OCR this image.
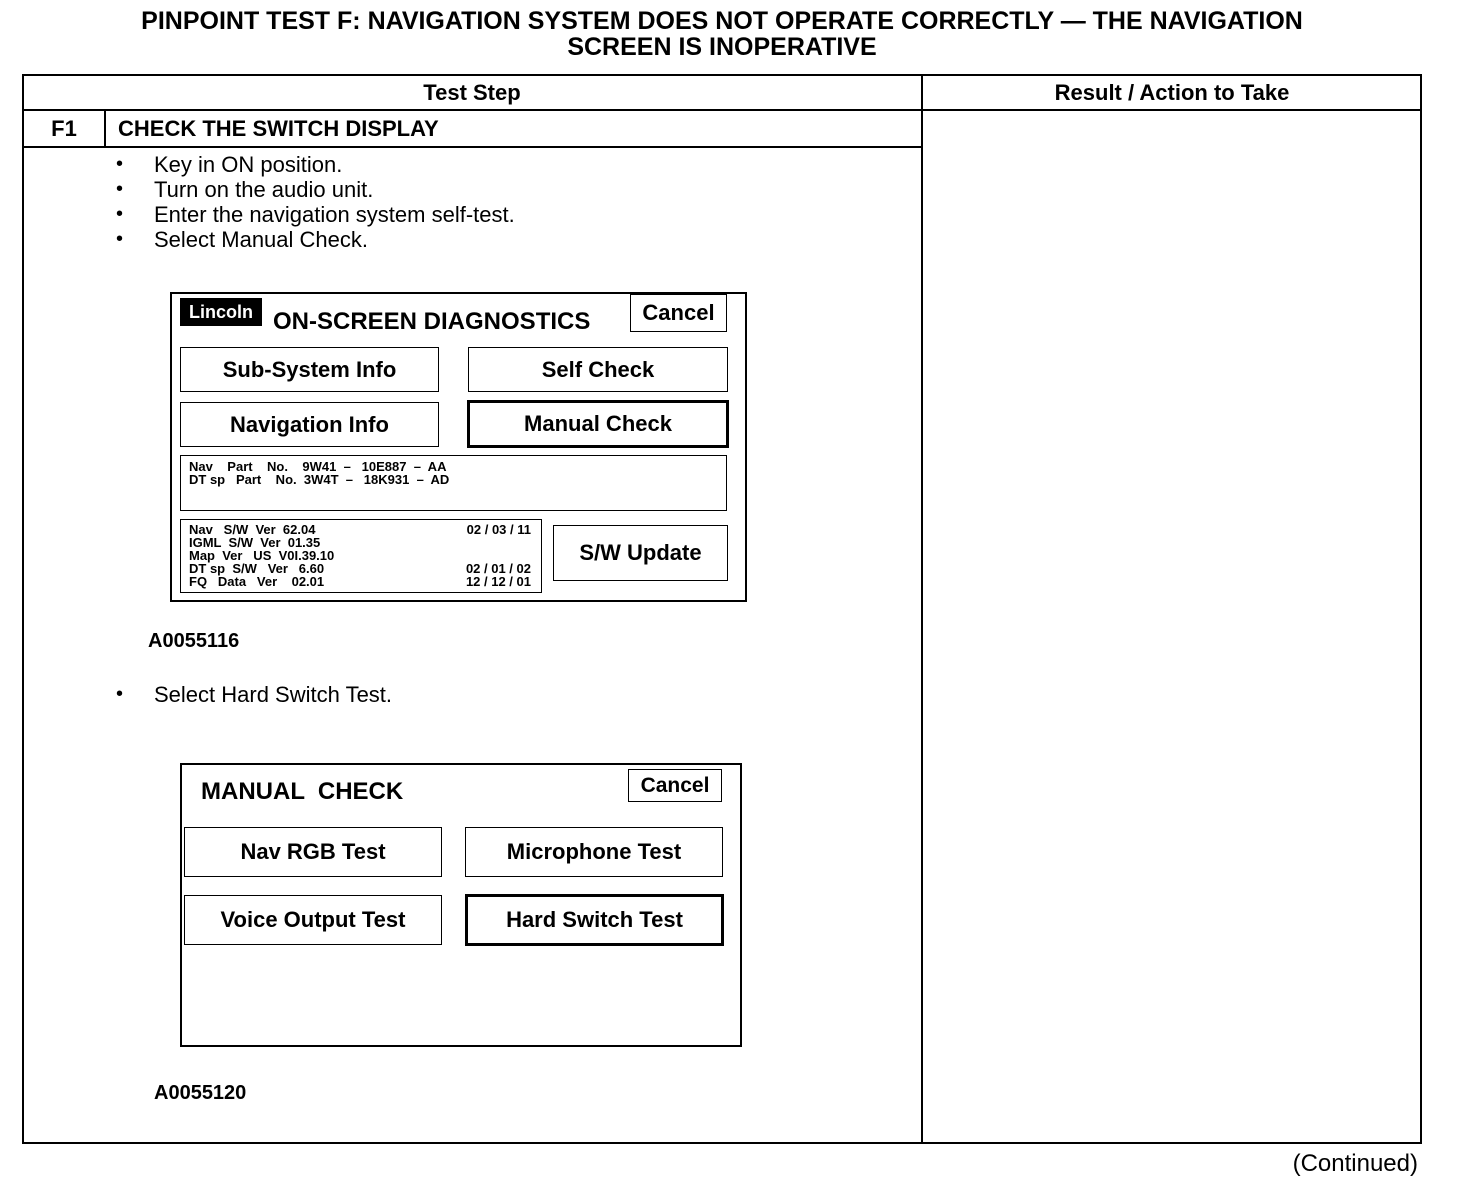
PINPOINT TEST F: NAVIGATION SYSTEM DOES NOT OPERATE CORRECTLY — THE NAVIGATION
SCREEN IS INOPERATIVE
Test Step	Result / Action to Take
F1	CHECK THE SWITCH DISPLAY
• Key in ON position.
• Turn on the audio unit.
• Enter the navigation system self-test.
• Select Manual Check.
Lincoln ON-SCREEN DIAGNOSTICS	Cancel
Sub-System Info	Self Check
Navigation Info	Manual Check
Nav    Part    No.    9W41  –   10E887  –  AA
DT sp   Part    No.  3W4T  –   18K931  –  AD
Nav   S/W  Ver  62.04	02 / 03 / 11
IGML  S/W  Ver  01.35
Map  Ver   US  V0I.39.10
DT sp  S/W   Ver   6.60	02 / 01 / 02
FQ   Data   Ver    02.01	12 / 12 / 01
S/W Update
A0055116
• Select Hard Switch Test.
MANUAL  CHECK	Cancel
Nav RGB Test	Microphone Test
Voice Output Test	Hard Switch Test
A0055120
(Continued)
